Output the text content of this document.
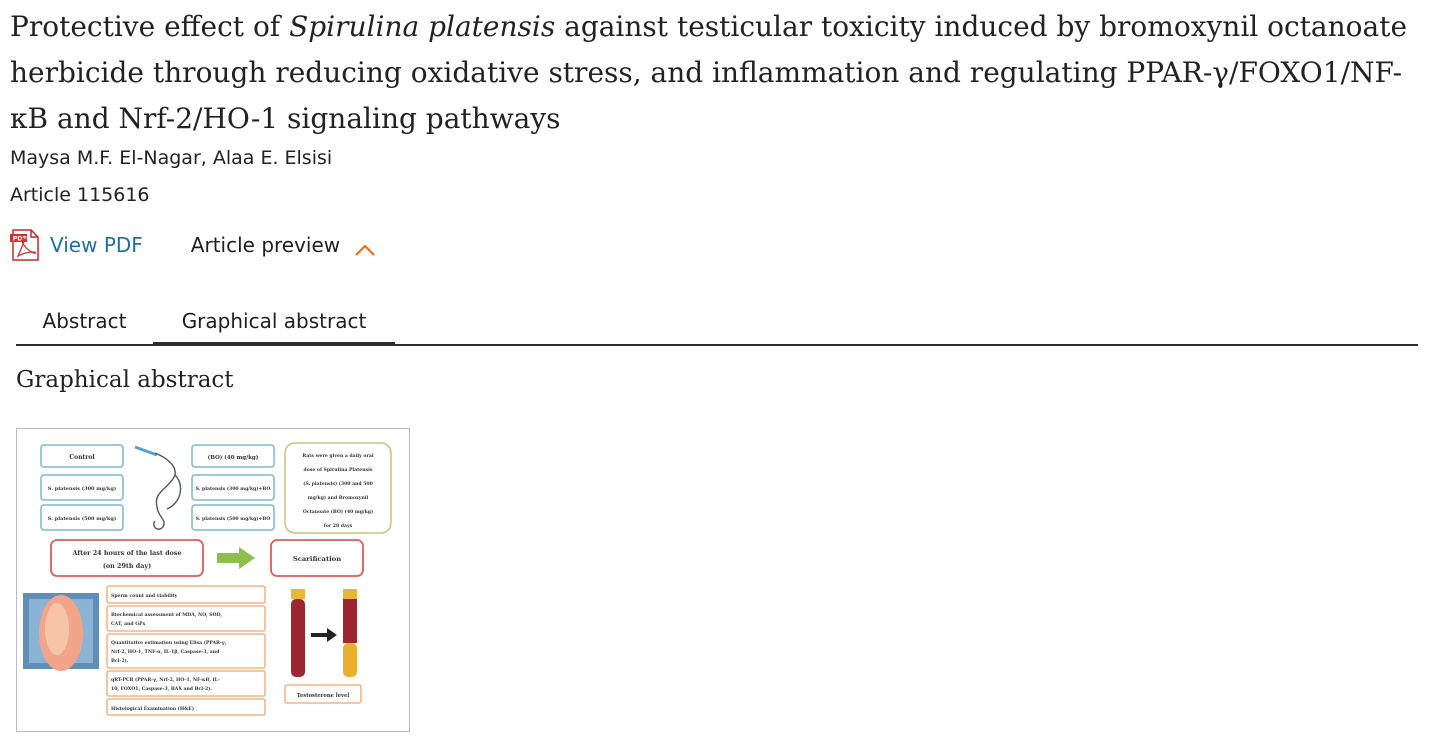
Protective effect of Spirulina platensis against testicular toxicity induced by bromoxynil octanoate herbicide through reducing oxidative stress, and inflammation and regulating PPAR-γ/FOXO1/NF-κB and Nrf-2/HO-1 signaling pathways
Maysa M.F. El-Nagar, Alaa E. Elsisi
Article 115616
PDF View PDF Article preview
Abstract	Graphical abstract
Graphical abstract
Control
S. platensis (300 mg/kg)
S. platensis (500 mg/kg)
(BO) (40 mg/kg)
S. platensis (300 mg/kg)+BO
S. platensis (500 mg/kg)+BO
Rats were given a daily oral
dose of Spirulina Platensis
(S. platensis) (300 and 500
mg/kg) and Bromoxynil
Octanoate (BO) (40 mg/kg)
for 28 days
After 24 hours of the last dose
(on 29th day)
Scarification
Sperm count and viability
Biochemical assessment of MDA, NO, SOD,
CAT, and GPx
Quantitative estimation using Elisa (PPAR-γ,
Nrf-2, HO-1, TNF-α, IL-1β, Caspase-3, and
Bcl-2).
qRT-PCR (PPAR-γ, Nrf-2, HO-1, NF-κB, IL-
10, FOXO1, Caspase-3, BAX and Bcl-2).
Histological Examination (H&E)
Testosterone level
